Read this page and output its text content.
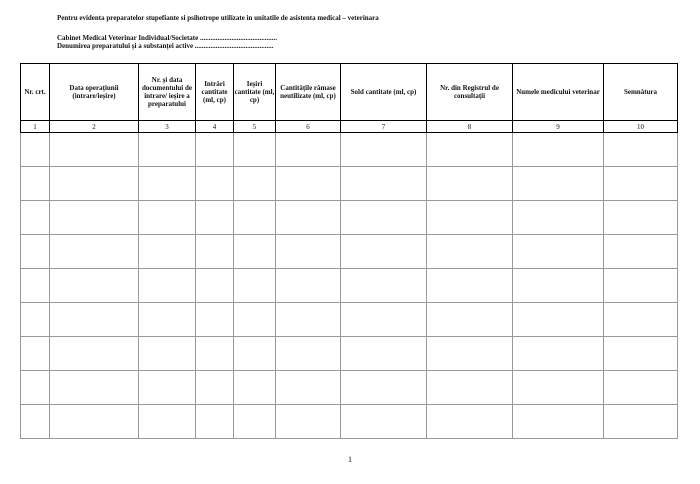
Pentru evidenta preparatelor stupefiante si psihotrope utilizate in unitatile de asistenta medical – veterinara
Cabinet Medical Veterinar Individual/Societate ............................................
Denumirea preparatului și a substanței active .............................................
Nr. crt.	Data operațiunii (intrare/ieșire)	Nr. și data documentului de intrare/ ieșire a preparatului	Intrări cantitate (ml, cp)	Ieșiri cantitate (ml, cp)	Cantitățile rămase neutilizate (ml, cp)	Sold cantitate (ml, cp)	Nr. din Registrul de consultații	Numele medicului veterinar	Semnătura
1	2	3	4	5	6	7	8	9	10

1
